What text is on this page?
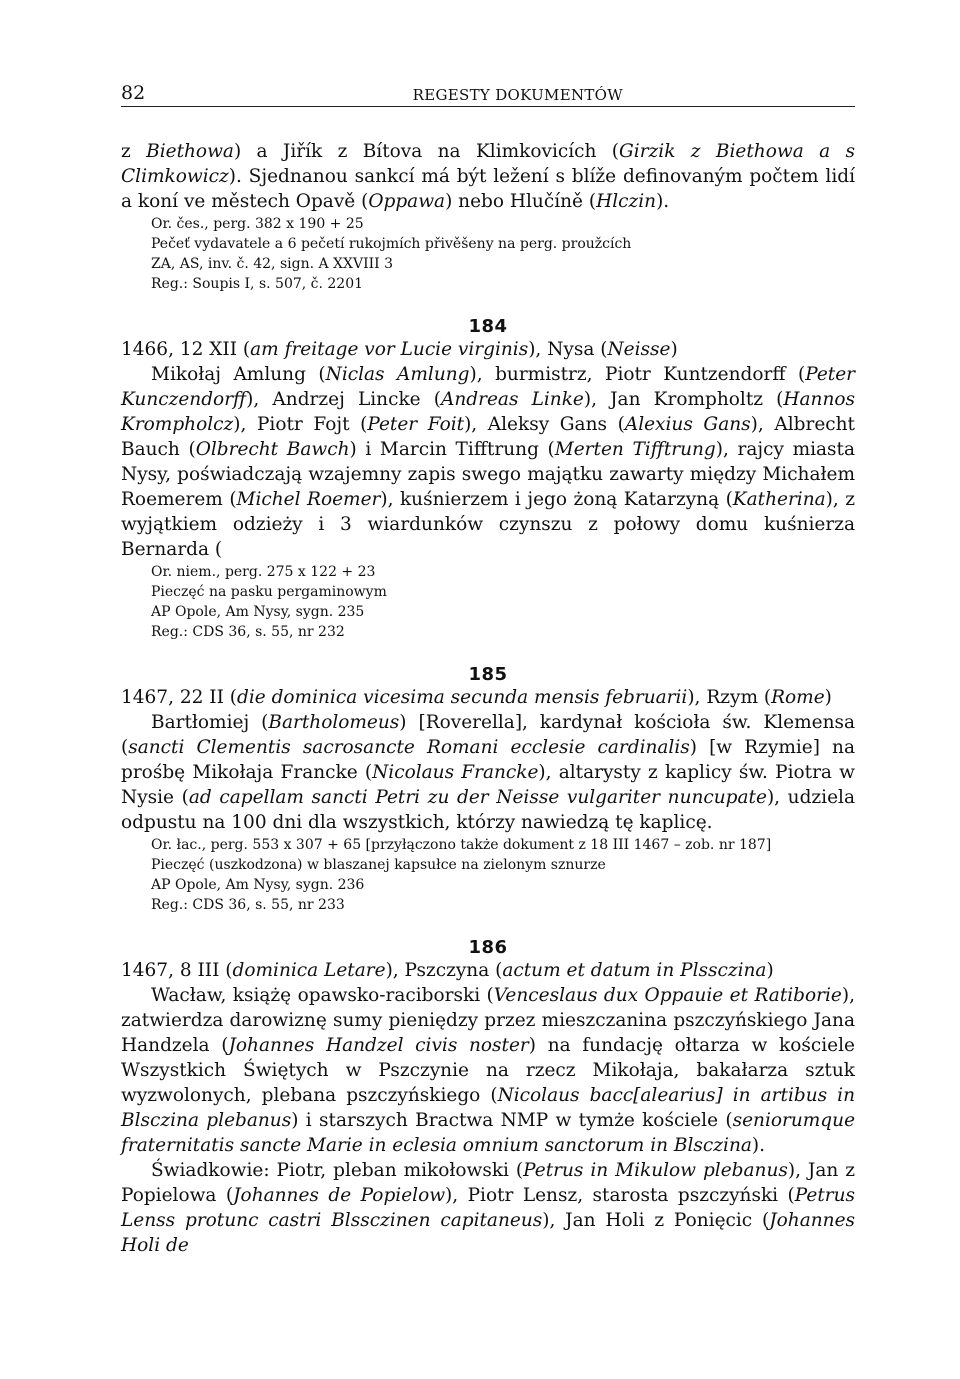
82	REGESTY DOKUMENTÓW

z Biethowa) a Jiřík z Bítova na Klimkovicích (Girzik z Biethowa a s Climkowicz). Sjednanou sankcí má být ležení s blíže definovaným počtem lidí a koní ve městech Opavě (Oppawa) nebo Hlučíně (Hlczin).

Or. čes., perg. 382 x 190 + 25

Pečeť vydavatele a 6 pečetí rukojmích přivěšeny na perg. proužcích

ZA, AS, inv. č. 42, sign. A XXVIII 3

Reg.: Soupis I, s. 507, č. 2201

184

1466, 12 XII (am freitage vor Lucie virginis), Nysa (Neisse)

Mikołaj Amlung (Niclas Amlung), burmistrz, Piotr Kuntzendorff (Peter Kunczendorff), Andrzej Lincke (Andreas Linke), Jan Krompholtz (Hannos Krompholcz), Piotr Fojt (Peter Foit), Aleksy Gans (Alexius Gans), Albrecht Bauch (Olbrecht Bawch) i Marcin Tifftrung (Merten Tifftrung), rajcy miasta Nysy, poświadczają wzajemny zapis swego majątku zawarty między Michałem Roemerem (Michel Roemer), kuśnierzem i jego żoną Katarzyną (Katherina), z wyjątkiem odzieży i 3 wiardunków czynszu z połowy domu kuśnierza Bernarda (

Or. niem., perg. 275 x 122 + 23

Pieczęć na pasku pergaminowym

AP Opole, Am Nysy, sygn. 235

Reg.: CDS 36, s. 55, nr 232

185

1467, 22 II (die dominica vicesima secunda mensis februarii), Rzym (Rome)

Bartłomiej (Bartholomeus) [Roverella], kardynał kościoła św. Klemensa (sancti Clementis sacrosancte Romani ecclesie cardinalis) [w Rzymie] na prośbę Mikołaja Francke (Nicolaus Francke), altarysty z kaplicy św. Piotra w Nysie (ad capellam sancti Petri zu der Neisse vulgariter nuncupate), udziela odpustu na 100 dni dla wszystkich, którzy nawiedzą tę kaplicę.

Or. łac., perg. 553 x 307 + 65 [przyłączono także dokument z 18 III 1467 – zob. nr 187]

Pieczęć (uszkodzona) w blaszanej kapsułce na zielonym sznurze

AP Opole, Am Nysy, sygn. 236

Reg.: CDS 36, s. 55, nr 233

186

1467, 8 III (dominica Letare), Pszczyna (actum et datum in Plssczina)

Wacław, książę opawsko-raciborski (Venceslaus dux Oppauie et Ratiborie), zatwierdza darowiznę sumy pieniędzy przez mieszczanina pszczyńskiego Jana Handzela (Johannes Handzel civis noster) na fundację ołtarza w kościele Wszystkich Świętych w Pszczynie na rzecz Mikołaja, bakałarza sztuk wyzwolonych, plebana pszczyńskiego (Nicolaus bacc[alearius] in artibus in Blsczina plebanus) i starszych Bractwa NMP w tymże kościele (seniorumque fraternitatis sancte Marie in eclesia omnium sanctorum in Blsczina).

Świadkowie: Piotr, pleban mikołowski (Petrus in Mikulow plebanus), Jan z Popielowa (Johannes de Popielow), Piotr Lensz, starosta pszczyński (Petrus Lenss protunc castri Blssczinen capitaneus), Jan Holi z Ponięcic (Johannes Holi de
